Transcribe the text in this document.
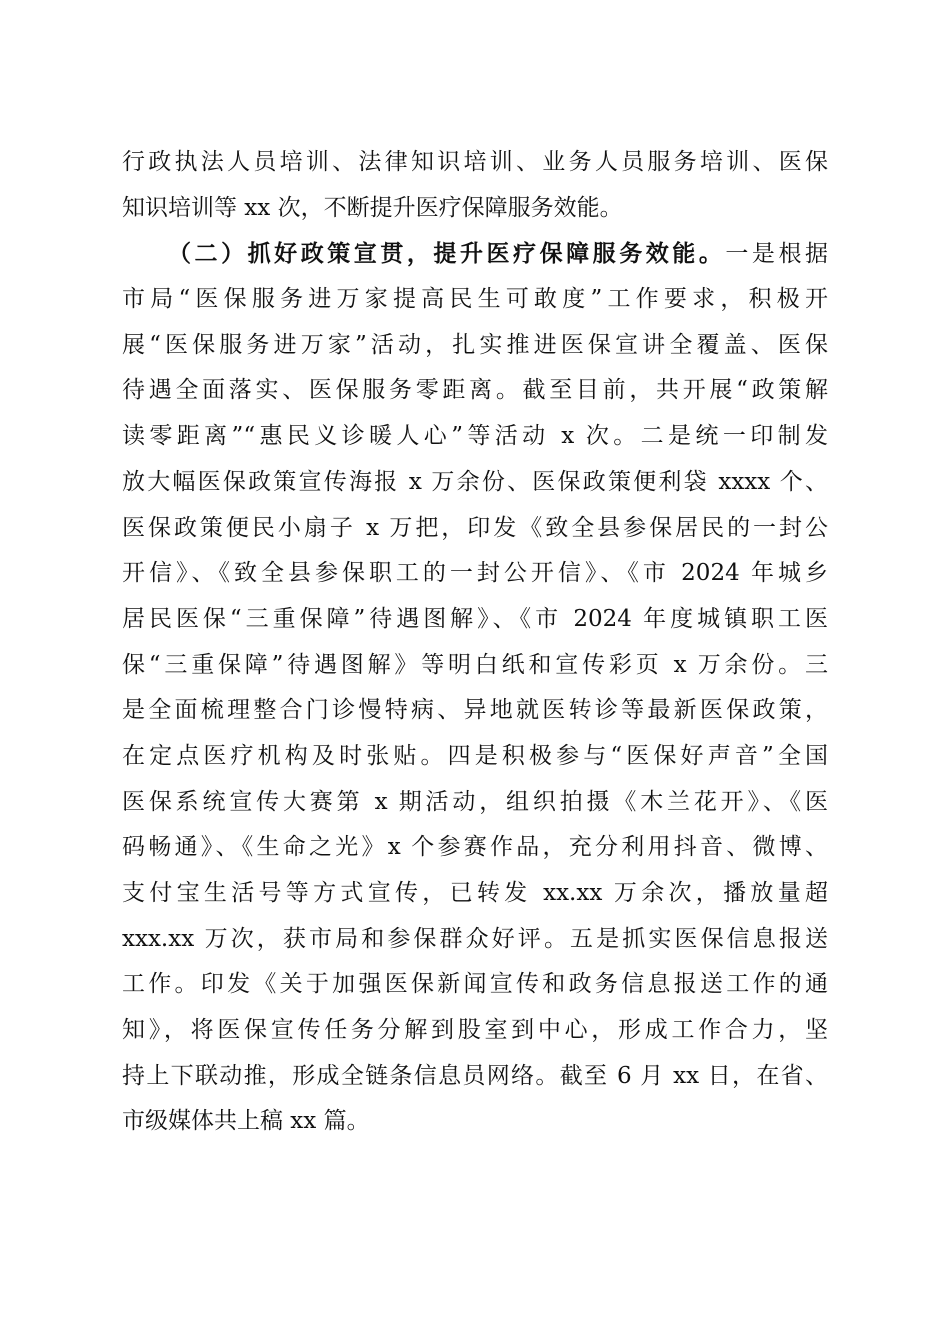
行政执法人员培训、法律知识培训、业务人员服务培训、医保
知识培训等 xx 次，不断提升医疗保障服务效能。
（二）抓好政策宣贯，提升医疗保障服务效能。一是根据
市局“医保服务进万家提高民生可敢度”工作要求，积极开
展“医保服务进万家”活动，扎实推进医保宣讲全覆盖、医保
待遇全面落实、医保服务零距离。截至目前，共开展“政策解
读零距离”“惠民义诊暖人心”等活动 x 次。二是统一印制发
放大幅医保政策宣传海报 x 万余份、医保政策便利袋 xxxx 个、
医保政策便民小扇子 x 万把，印发《致全县参保居民的一封公
开信》、《致全县参保职工的一封公开信》、《市 2024 年城乡
居民医保“三重保障”待遇图解》、《市 2024 年度城镇职工医
保“三重保障”待遇图解》等明白纸和宣传彩页 x 万余份。三
是全面梳理整合门诊慢特病、异地就医转诊等最新医保政策，
在定点医疗机构及时张贴。四是积极参与“医保好声音”全国
医保系统宣传大赛第 x 期活动，组织拍摄《木兰花开》、《医
码畅通》、《生命之光》x 个参赛作品，充分利用抖音、微博、
支付宝生活号等方式宣传，已转发 xx.xx 万余次，播放量超
xxx.xx 万次，获市局和参保群众好评。五是抓实医保信息报送
工作。印发《关于加强医保新闻宣传和政务信息报送工作的通
知》，将医保宣传任务分解到股室到中心，形成工作合力，坚
持上下联动推，形成全链条信息员网络。截至 6 月 xx 日，在省、
市级媒体共上稿 xx 篇。
